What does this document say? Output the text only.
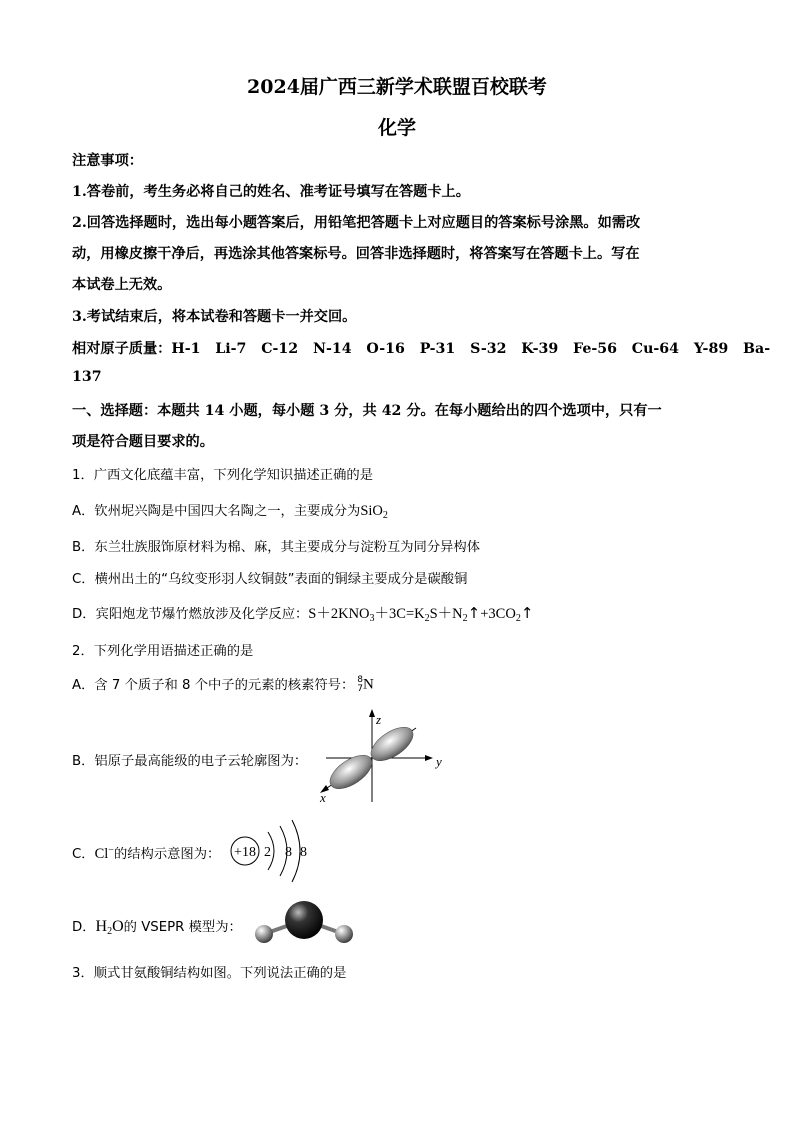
2024届广西三新学术联盟百校联考
化学
注意事项：
1.答卷前，考生务必将自己的姓名、准考证号填写在答题卡上。
2.回答选择题时，选出每小题答案后，用铅笔把答题卡上对应题目的答案标号涂黑。如需改
动，用橡皮擦干净后，再选涂其他答案标号。回答非选择题时，将答案写在答题卡上。写在
本试卷上无效。
3.考试结束后，将本试卷和答题卡一并交回。
相对原子质量：H-1   Li-7   C-12   N-14   O-16   P-31   S-32   K-39   Fe-56   Cu-64   Y-89   Ba-
137
一、选择题：本题共 14 小题，每小题 3 分，共 42 分。在每小题给出的四个选项中，只有一
项是符合题目要求的。
1．广西文化底蕴丰富，下列化学知识描述正确的是
A．钦州坭兴陶是中国四大名陶之一，主要成分为SiO$_2$
B．东兰壮族服饰原材料为棉、麻，其主要成分与淀粉互为同分异构体
C．横州出土的“乌纹变形羽人纹铜鼓”表面的铜绿主要成分是碳酸铜
D．宾阳炮龙节爆竹燃放涉及化学反应：$S+2KNO_3+3C=K_2S+N_2↑+3CO_2↑$
2．下列化学用语描述正确的是
A．含 7 个质子和 8 个中子的元素的核素符号： 8
7 N
B．铝原子最高能级的电子云轮廓图为：
z
y
x
C．Cl−的结构示意图为： +18 2 8 8
D．$H_2O$的 VSEPR 模型为：
3．顺式甘氨酸铜结构如图。下列说法正确的是
